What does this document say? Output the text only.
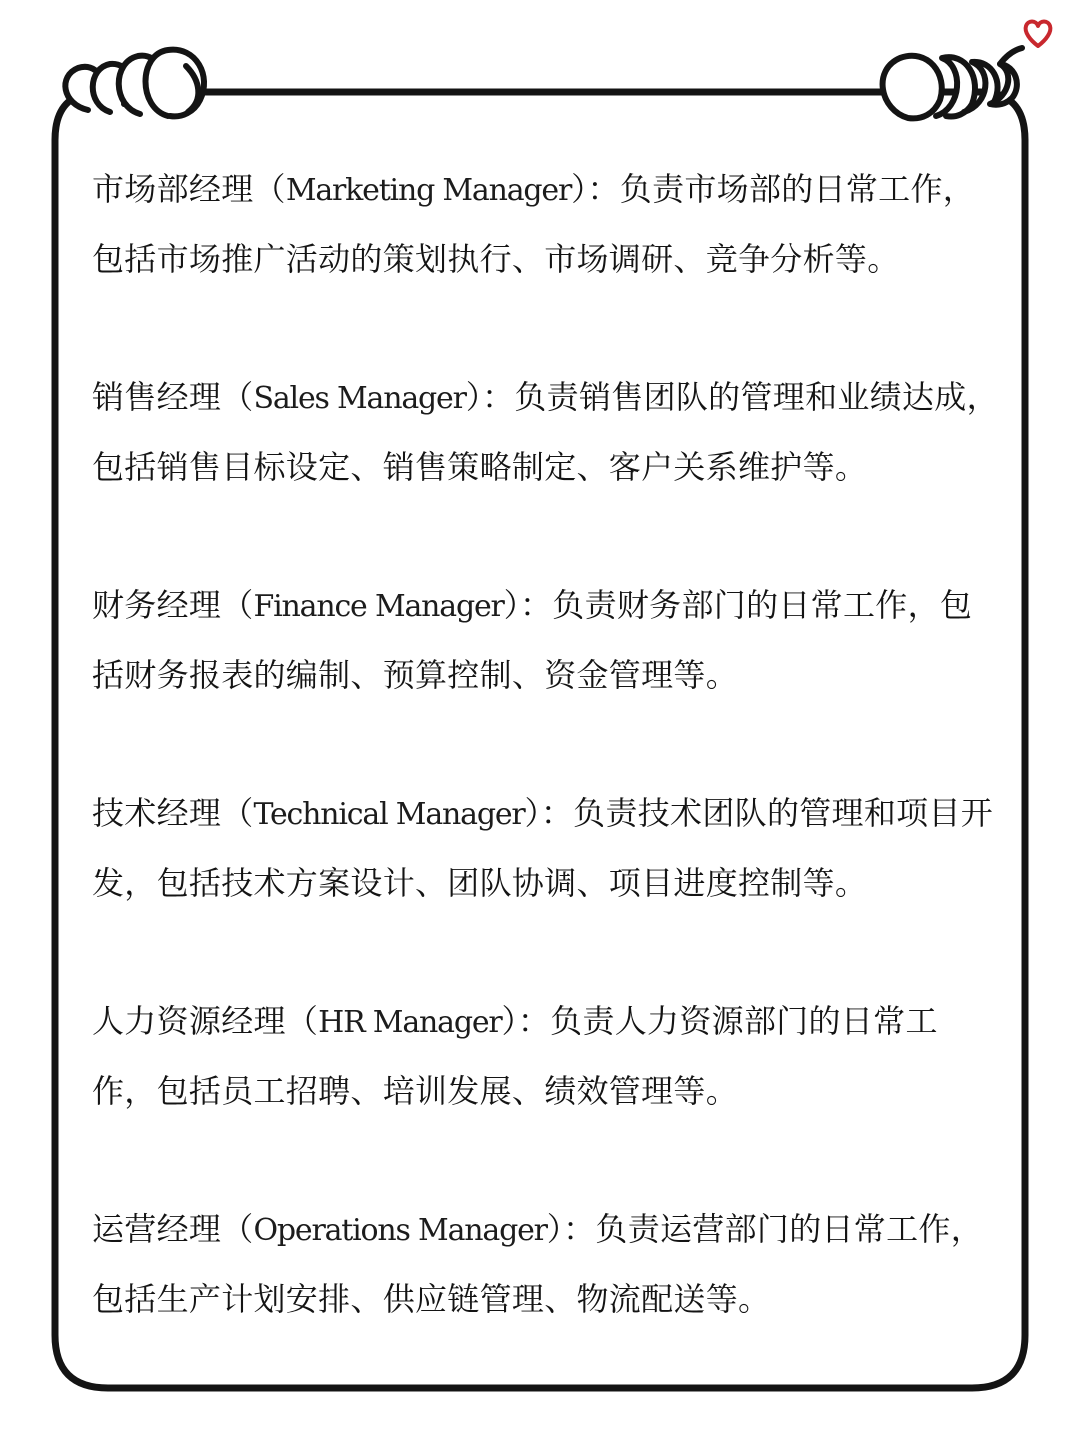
市场部经理（Marketing Manager）：负责市场部的日常工作，包括市场推广活动的策划执行、市场调研、竞争分析等。

销售经理（Sales Manager）：负责销售团队的管理和业绩达成，包括销售目标设定、销售策略制定、客户关系维护等。

财务经理（Finance Manager）：负责财务部门的日常工作，包括财务报表的编制、预算控制、资金管理等。

技术经理（Technical Manager）：负责技术团队的管理和项目开发，包括技术方案设计、团队协调、项目进度控制等。

人力资源经理（HR Manager）：负责人力资源部门的日常工作，包括员工招聘、培训发展、绩效管理等。

运营经理（Operations Manager）：负责运营部门的日常工作，包括生产计划安排、供应链管理、物流配送等。
